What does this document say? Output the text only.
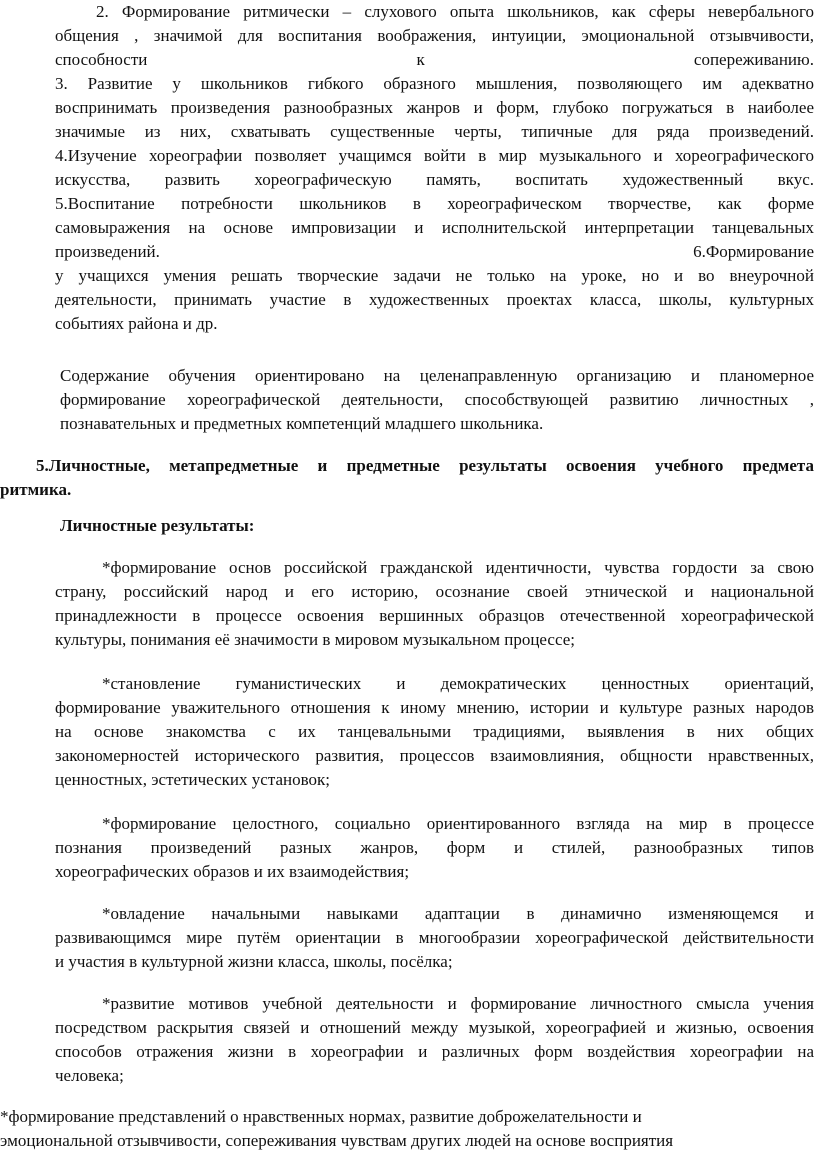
2. Формирование ритмически – слухового опыта школьников, как сферы невербального
общения , значимой для воспитания воображения, интуиции, эмоциональной отзывчивости,
способности	к	сопереживанию.
3. Развитие у школьников гибкого образного мышления, позволяющего им адекватно
воспринимать произведения разнообразных жанров и форм, глубоко погружаться в наиболее
значимые из них, схватывать существенные черты, типичные для ряда произведений.
4.Изучение хореографии позволяет учащимся войти в мир музыкального и хореографического
искусства, развить хореографическую память, воспитать художественный вкус.
5.Воспитание потребности школьников в хореографическом творчестве, как форме
самовыражения на основе импровизации и исполнительской интерпретации танцевальных
произведений.	6.Формирование
у учащихся умения решать творческие задачи не только на уроке, но и во внеурочной
деятельности, принимать участие в художественных проектах класса, школы, культурных
событиях района и др.
Содержание обучения ориентировано на целенаправленную организацию и планомерное
формирование хореографической деятельности, способствующей развитию личностных ,
познавательных и предметных компетенций младшего школьника.
5.Личностные, метапредметные и предметные результаты освоения учебного предмета
ритмика.
Личностные результаты:
*формирование основ российской гражданской идентичности, чувства гордости за свою
страну, российский народ и его историю, осознание своей этнической и национальной
принадлежности в процессе освоения вершинных образцов отечественной хореографической
культуры, понимания её значимости в мировом музыкальном процессе;
*становление гуманистических и демократических ценностных ориентаций,
формирование уважительного отношения к иному мнению, истории и культуре разных народов
на основе знакомства с их танцевальными традициями, выявления в них общих
закономерностей исторического развития, процессов взаимовлияния, общности нравственных,
ценностных, эстетических установок;
*формирование целостного, социально ориентированного взгляда на мир в процессе
познания произведений разных жанров, форм и стилей, разнообразных типов
хореографических образов и их взаимодействия;
*овладение начальными навыками адаптации в динамично изменяющемся и
развивающимся мире путём ориентации в многообразии хореографической действительности
и участия в культурной жизни класса, школы, посёлка;
*развитие мотивов учебной деятельности и формирование личностного смысла учения
посредством раскрытия связей и отношений между музыкой, хореографией и жизнью, освоения
способов отражения жизни в хореографии и различных форм воздействия хореографии на
человека;
*формирование представлений о нравственных нормах, развитие доброжелательности и
эмоциональной отзывчивости, сопереживания чувствам других людей на основе восприятия
